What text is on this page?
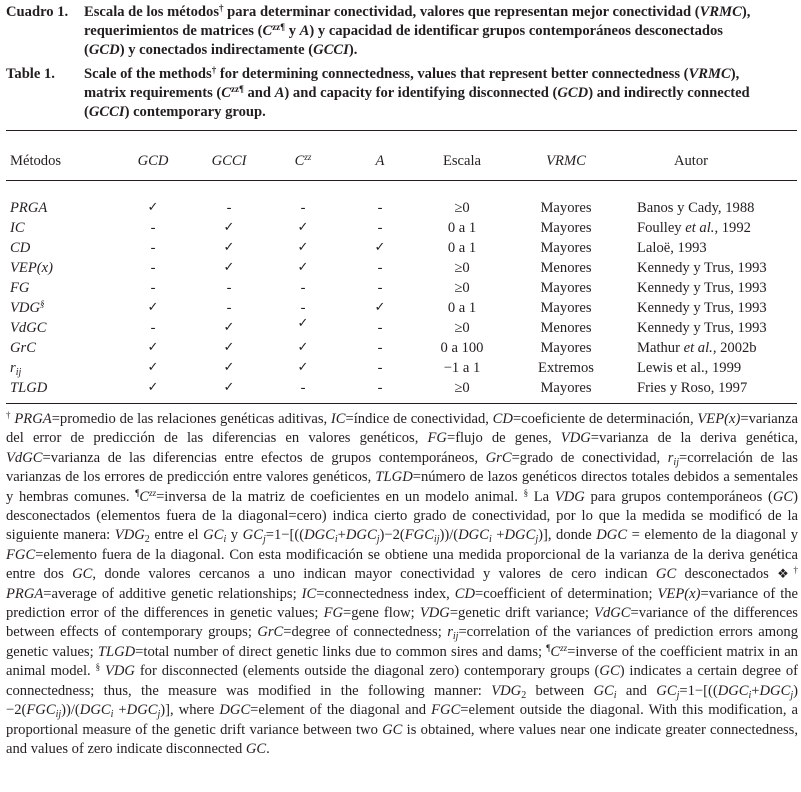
Cuadro 1. Escala de los métodos† para determinar conectividad, valores que representan mejor conectividad (VRMC),
requerimientos de matrices ($C^{zz\P}$ y A) y capacidad de identificar grupos contemporáneos desconectados
(GCD) y conectados indirectamente (GCCI).
Table 1. Scale of the methods† for determining connectedness, values that represent better connectedness (VRMC),
matrix requirements ($C^{zz\P}$ and A) and capacity for identifying disconnected (GCD) and indirectly connected
(GCCI) contemporary group.
Métodos	GCD	GCCI	$C^{zz}$	A	Escala	VRMC	Autor
PRGA	✓	-	-	-	≥0	Mayores	Banos y Cady, 1988
IC	-	✓	✓	-	0 a 1	Mayores	Foulley et al., 1992
CD	-	✓	✓	✓	0 a 1	Mayores	Laloë, 1993
VEP(x)	-	✓	✓	-	≥0	Menores	Kennedy y Trus, 1993
FG	-	-	-	-	≥0	Mayores	Kennedy y Trus, 1993
VDG§	✓	-	-	✓	0 a 1	Mayores	Kennedy y Trus, 1993
VdGC	-	✓	✓	-	≥0	Menores	Kennedy y Trus, 1993
GrC	✓	✓	✓	-	0 a 100	Mayores	Mathur et al., 2002b
$r_{ij}$	✓	✓	✓	-	−1 a 1	Extremos	Lewis et al., 1999
TLGD	✓	✓	-	-	≥0	Mayores	Fries y Roso, 1997
† PRGA=promedio de las relaciones genéticas aditivas, IC=índice de conectividad, CD=coeficiente de determinación, VEP(x)=varianza del error de predicción de las diferencias en valores genéticos, FG=flujo de genes, VDG=varianza de la deriva genética, VdGC=varianza de las diferencias entre efectos de grupos contemporáneos, GrC=grado de conectividad, $r_{ij}=correlación$ de las varianzas de los errores de predicción entre valores genéticos, TLGD=número de lazos genéticos directos totales debidos a sementales y hembras comunes. $^\P C^{zz}=inversa$ de la matriz de coeficientes en un modelo animal. § La VDG para grupos contemporáneos (GC) desconectados (elementos fuera de la diagonal=cero) indica cierto grado de conectividad, por lo que la medida se modificó de la siguiente manera: $VDG_2$ entre el $GC_i$ y $GC_j=1-[((DGC_i+DGC_j)-2(FGC_{ij}))/(DGC_i +DGC_j)]$, donde DGC = elemento de la diagonal y FGC=elemento fuera de la diagonal. Con esta modificación se obtiene una medida proporcional de la varianza de la deriva genética entre dos GC, donde valores cercanos a uno indican mayor conectividad y valores de cero indican GC desconectados ❖† PRGA=average of additive genetic relationships; IC=connectedness index, CD=coefficient of determination; VEP(x)=variance of the prediction error of the differences in genetic values; FG=gene flow; VDG=genetic drift variance; VdGC=variance of the differences between effects of contemporary groups; GrC=degree of connectedness; $r_{ij}=correlation$ of the variances of prediction errors among genetic values; TLGD=total number of direct genetic links due to common sires and dams; $^\P C^{zz}=inverse$ of the coefficient matrix in an animal model. § VDG for disconnected (elements outside the diagonal zero) contemporary groups (GC) indicates a certain degree of connectedness; thus, the measure was modified in the following manner: $VDG_2$ between $GC_i$ and $GC_j=1-[((DGC_i+DGC_j)-2(FGC_{ij}))/(DGC_i +DGC_j)]$, where DGC=element of the diagonal and FGC=element outside the diagonal. With this modification, a proportional measure of the genetic drift variance between two GC is obtained, where values near one indicate greater connectedness, and values of zero indicate disconnected GC.
